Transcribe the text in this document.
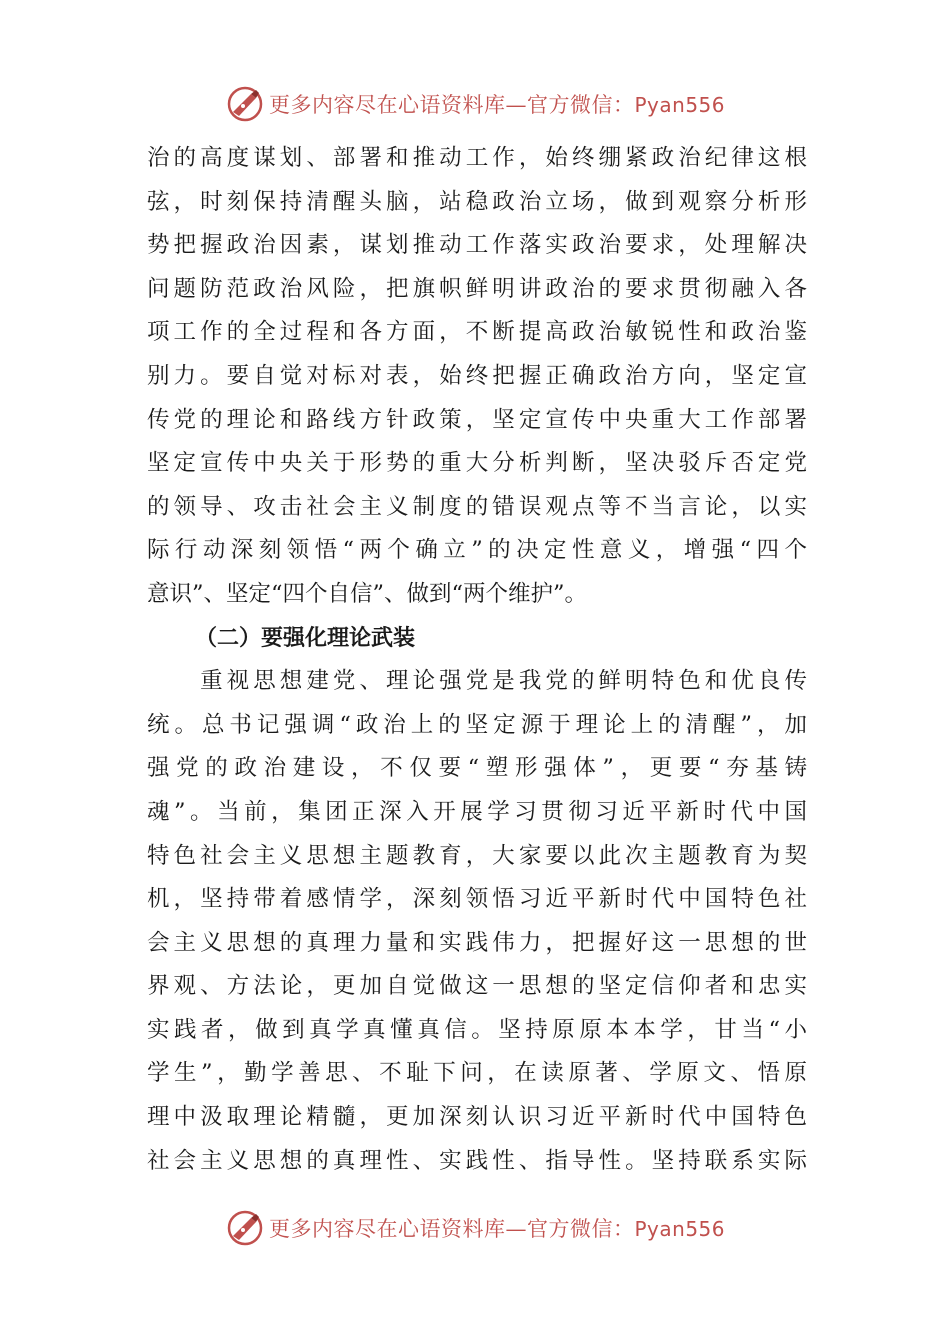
更多内容尽在心语资料库—官方微信：Pyan556
治的高度谋划、部署和推动工作，始终绷紧政治纪律这根
弦，时刻保持清醒头脑，站稳政治立场，做到观察分析形
势把握政治因素，谋划推动工作落实政治要求，处理解决
问题防范政治风险，把旗帜鲜明讲政治的要求贯彻融入各
项工作的全过程和各方面，不断提高政治敏锐性和政治鉴
别力。要自觉对标对表，始终把握正确政治方向，坚定宣
传党的理论和路线方针政策，坚定宣传中央重大工作部署
坚定宣传中央关于形势的重大分析判断，坚决驳斥否定党
的领导、攻击社会主义制度的错误观点等不当言论，以实
际行动深刻领悟“两个确立”的决定性意义，增强“四个
意识”、坚定“四个自信”、做到“两个维护”。
（二）要强化理论武装
　　重视思想建党、理论强党是我党的鲜明特色和优良传
统。总书记强调“政治上的坚定源于理论上的清醒”，加
强党的政治建设，不仅要“塑形强体”，更要“夯基铸
魂”。当前，集团正深入开展学习贯彻习近平新时代中国
特色社会主义思想主题教育，大家要以此次主题教育为契
机，坚持带着感情学，深刻领悟习近平新时代中国特色社
会主义思想的真理力量和实践伟力，把握好这一思想的世
界观、方法论，更加自觉做这一思想的坚定信仰者和忠实
实践者，做到真学真懂真信。坚持原原本本学，甘当“小
学生”，勤学善思、不耻下问，在读原著、学原文、悟原
理中汲取理论精髓，更加深刻认识习近平新时代中国特色
社会主义思想的真理性、实践性、指导性。坚持联系实际
更多内容尽在心语资料库—官方微信：Pyan556
